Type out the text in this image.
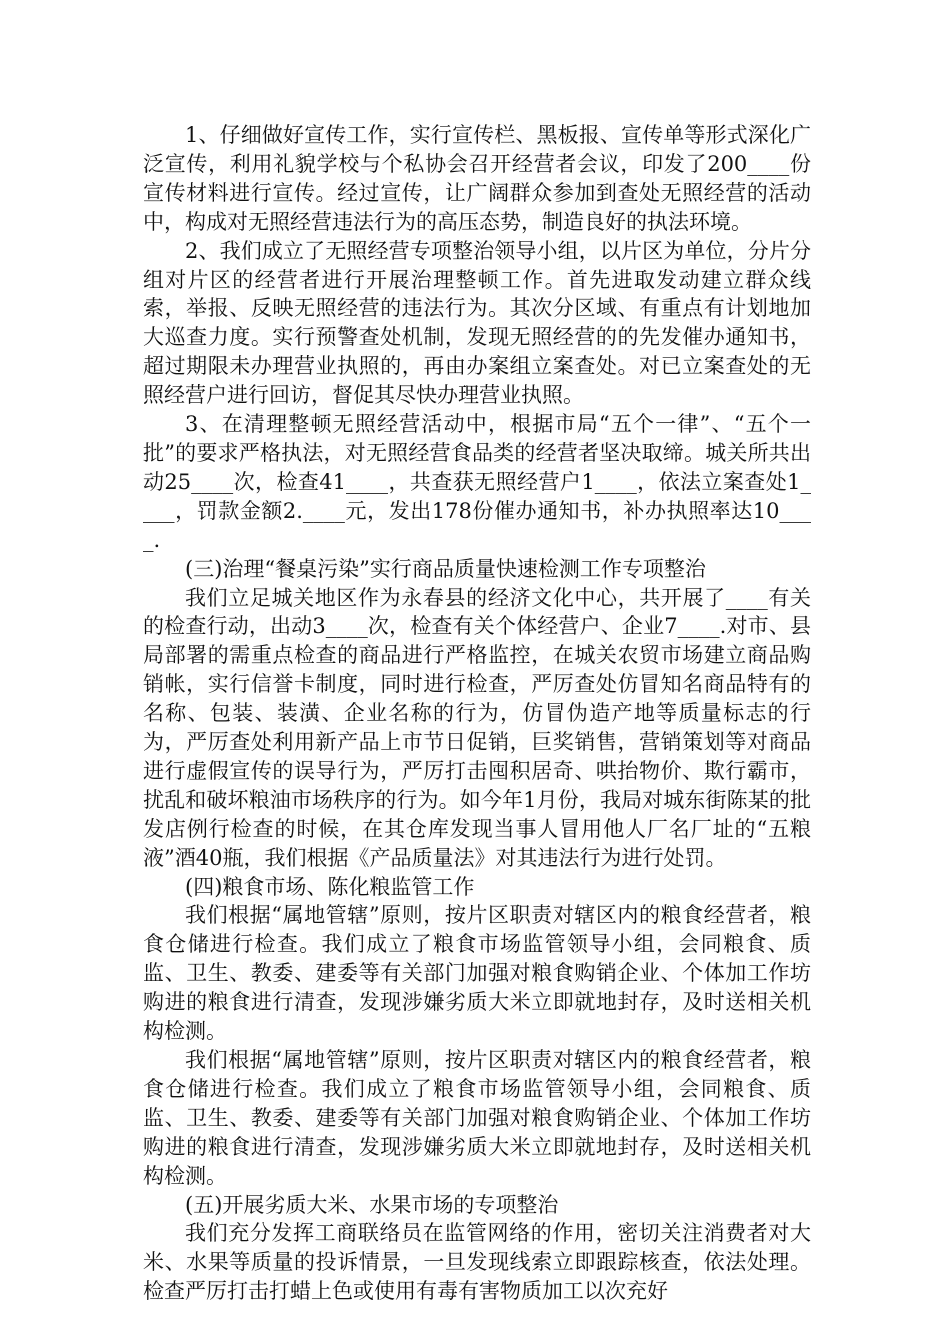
1、仔细做好宣传工作，实行宣传栏、黑板报、宣传单等形式深化广泛宣传，利用礼貌学校与个私协会召开经营者会议，印发了200____份宣传材料进行宣传。经过宣传，让广阔群众参加到查处无照经营的活动中，构成对无照经营违法行为的高压态势，制造良好的执法环境。

2、我们成立了无照经营专项整治领导小组，以片区为单位，分片分组对片区的经营者进行开展治理整顿工作。首先进取发动建立群众线索，举报、反映无照经营的违法行为。其次分区域、有重点有计划地加大巡查力度。实行预警查处机制，发现无照经营的的先发催办通知书，超过期限未办理营业执照的，再由办案组立案查处。对已立案查处的无照经营户进行回访，督促其尽快办理营业执照。

3、在清理整顿无照经营活动中，根据市局“五个一律”、“五个一批”的要求严格执法，对无照经营食品类的经营者坚决取缔。城关所共出动25____次，检查41____，共查获无照经营户1____，依法立案查处1____，罚款金额2.____元，发出178份催办通知书，补办执照率达10____.

(三)治理“餐桌污染”实行商品质量快速检测工作专项整治

我们立足城关地区作为永春县的经济文化中心，共开展了____有关的检查行动，出动3____次，检查有关个体经营户、企业7____.对市、县局部署的需重点检查的商品进行严格监控，在城关农贸市场建立商品购销帐，实行信誉卡制度，同时进行检查，严厉查处仿冒知名商品特有的名称、包装、装潢、企业名称的行为，仿冒伪造产地等质量标志的行为，严厉查处利用新产品上市节日促销，巨奖销售，营销策划等对商品进行虚假宣传的误导行为，严厉打击囤积居奇、哄抬物价、欺行霸市，扰乱和破坏粮油市场秩序的行为。如今年1月份，我局对城东街陈某的批发店例行检查的时候，在其仓库发现当事人冒用他人厂名厂址的“五粮液”酒40瓶，我们根据《产品质量法》对其违法行为进行处罚。

(四)粮食市场、陈化粮监管工作

我们根据“属地管辖”原则，按片区职责对辖区内的粮食经营者，粮食仓储进行检查。我们成立了粮食市场监管领导小组，会同粮食、质监、卫生、教委、建委等有关部门加强对粮食购销企业、个体加工作坊购进的粮食进行清查，发现涉嫌劣质大米立即就地封存，及时送相关机构检测。

我们根据“属地管辖”原则，按片区职责对辖区内的粮食经营者，粮食仓储进行检查。我们成立了粮食市场监管领导小组，会同粮食、质监、卫生、教委、建委等有关部门加强对粮食购销企业、个体加工作坊购进的粮食进行清查，发现涉嫌劣质大米立即就地封存，及时送相关机构检测。

(五)开展劣质大米、水果市场的专项整治

我们充分发挥工商联络员在监管网络的作用，密切关注消费者对大米、水果等质量的投诉情景，一旦发现线索立即跟踪核查，依法处理。检查严厉打击打蜡上色或使用有毒有害物质加工以次充好
